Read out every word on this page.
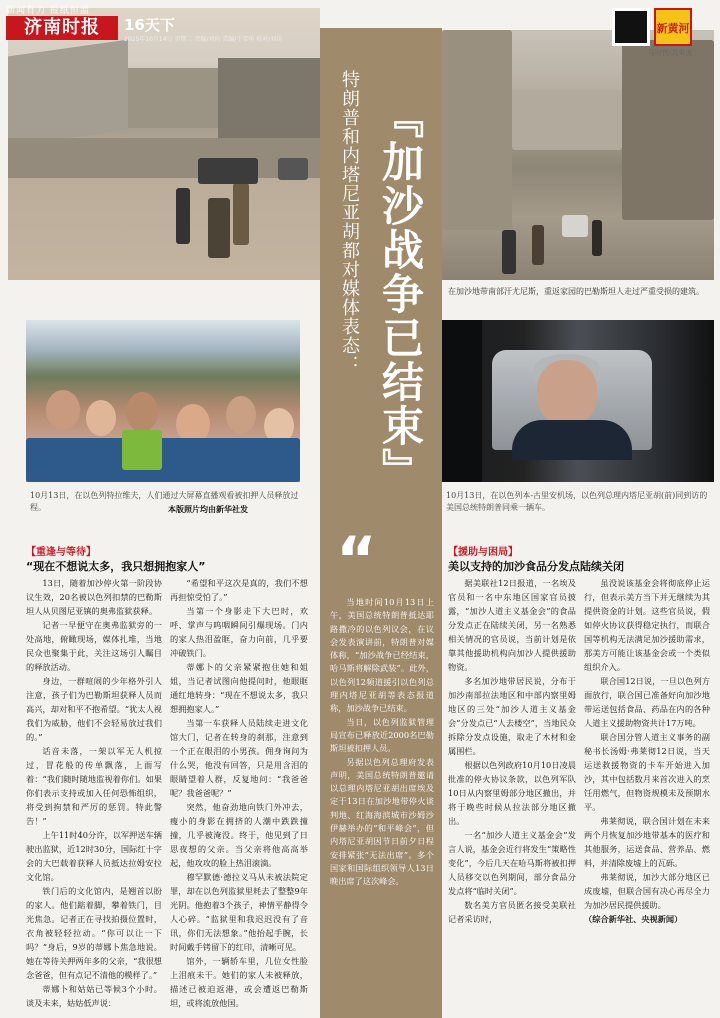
新闻有力 报纸恒温
济南时报	16天下
2025年10月14日 星期二 责编/刘尚 美编/王雪华 校对/刘佳
新黄河
与时代·共奔流
在加沙地带南部汗尤尼斯，重返家园的巴勒斯坦人走过严重受损的建筑。
10月13日，在以色列特拉维夫，人们通过大屏幕直播观看被扣押人员释放过程。	本版照片均由新华社发
10月13日，在以色列本-古里安机场，以色列总理内塔尼亚胡(前)同到访的美国总统特朗普同乘一辆车。
特朗普和内塔尼亚胡都对媒体表态： 『加沙战争已结束』
“

当地时间10月13日上午，美国总统特朗普抵达耶路撒冷的以色列议会，在议会发表演讲前，特朗普对媒体称，“加沙战争已经结束，哈马斯将解除武装”。此外，以色列12频道援引以色列总理内塔尼亚胡等表态报道称，加沙战争已结束。

当日，以色列监狱管理局宣布已释放近2000名巴勒斯坦被扣押人员。

另据以色列总理府发表声明，美国总统特朗普邀请以总理内塔尼亚胡出席埃及定于13日在加沙地带停火谈判地、红海海滨城市沙姆沙伊赫举办的“和平峰会”，但内塔尼亚胡因节日前夕日程安排紧张“无法出席”。多个国家和国际组织领导人13日晚出席了这次峰会。

【重逢与等待】
“现在不想说太多，我只想拥抱家人”

13日，随着加沙停火第一阶段协议生效，20名被以色列扣禁的巴勒斯坦人从贝图尼亚镇的奥弗监狱获释。

记者一早便守在奥弗监狱旁的一处高地，俯瞰现场，媒体扎堆，当地民众也聚集于此，关注这场引人瞩目的释放活动。

身边，一群喧闹的少年格外引人注意，孩子们为巴勒斯坦获释人员而高兴，却对和平不抱希望。“犹太人视我们为威胁，他们不会轻易放过我们的。”

话音未落，一架以军无人机掠过，冒花般的传单飘落，上面写着：“我们随时随地监视着你们。如果你们表示支持或加入任何恐怖组织，将受到拘禁和严厉的惩罚。特此警告！”

上午11时40分许，以军押送车辆驶出监狱，近12时30分，国际红十字会的大巴载着获释人员抵达拉姆安拉文化馆。

铁门后的文化馆内，是翘首以盼的家人。他们踮着脚，攀着铁门，目光焦急。记者正在寻找拍摄位置时，衣角被轻轻拉动。“你可以让一下吗？”身后，9岁的蒂娜卜焦急地说。她在等待关押两年多的父亲，“我很想念爸爸，但有点记不清他的模样了。”

蒂娜卜和姑姑已等候3个小时。谈及未来，姑姑低声说：

“希望和平这次是真的，我们不想再担惊受怕了。”

当第一个身影走下大巴时，欢呼、掌声与呜咽瞬间引爆现场。门内的家人热泪盈眶，奋力向前，几乎要冲破铁门。

蒂娜卜的父亲紧紧抱住她和姐姐，当记者试图向他提问时，他眼眶通红地转身：“现在不想说太多，我只想拥抱家人。”

当第一车获释人员陆续走进文化馆大门，记者在转身的刹那，注意到一个正在眼泪的小男孩。佣身询问为什么哭，他没有回答，只是用含泪的眼睛望着人群，反复地问：“我爸爸呢？我爸爸呢？”

突然，他奋劲地向铁门外冲去，瘦小的身影在拥挤的人潮中跌跌撞撞，几乎被淹没。终于，他见到了日思夜想的父亲。当父亲将他高高举起，他攻攻的脸上热泪滚滴。

穆罕默德·德拉义马从未被法院定罪，却在以色列监狱里耗去了整整9年光阴。他抱着3个孩子，神情平静得令人心碎。“监狱里和我迟迟没有了音讯，你们无法想象。”他抬起手腕，长时间戴手铐留下的红印，清晰可见。

馆外，一辆轿车里，几位女性脸上泪痕未干。她们的家人未被释放，描述已被迫返港，或会遭返巴勒斯坦，或将流放他国。

【援助与困局】
美以支持的加沙食品分发点陆续关闭

据美联社12日报道，一名埃及官员和一名中东地区国家官员披露，“加沙人道主义基金会”的食品分发点正在陆续关闭，另一名熟悉相关情况的官员说，当前计划是依靠其他援助机构向加沙人提供援助物资。

多名加沙地带居民说，分布于加沙南部拉法地区和中部内察里姆地区的三处“加沙人道主义基金会”分发点已“人去楼空”，当地民众拆除分发点设施，取走了木材和金属围栏。

根据以色列政府10月10日凌晨批准的停火协议条款，以色列军队10日从内察里姆部分地区撤出，并将于晚些时候从拉法部分地区撤出。

一名“加沙人道主义基金会”发言人说，基金会近行将发生“策略性变化”，今后几天在哈马斯将被扣押人员移交以色列期间，部分食品分发点将“临时关闭”。

数名美方官员匿名接受美联社记者采访时，

虽没说该基金会将彻底停止运行，但表示美方当下并无继续为其提供资金的计划。这些官员说，假如停火协议获得稳定执行，而联合国等机构无法满足加沙援助需求，那美方可能让该基金会或一个类似组织介入。

联合国12日说，一旦以色列方面放行，联合国已准备好向加沙地带运送包括食品、药品在内的各种人道主义援助物资共计17万吨。

联合国分管人道主义事务的副秘书长汤姆·弗莱彻12日说，当天运送救援物资的卡车开始进入加沙，其中包括数月来首次进入的烹饪用燃气，但物资规模未及预期水平。

弗莱彻说，联合国计划在未来两个月恢复加沙地带基本的医疗和其他服务，运送食品、营养品、燃料，并清除废墟上的瓦砾。

弗莱彻说，加沙大部分地区已成废墟，但联合国有决心再尽全力为加沙居民提供援助。

（综合新华社、央视新闻）
